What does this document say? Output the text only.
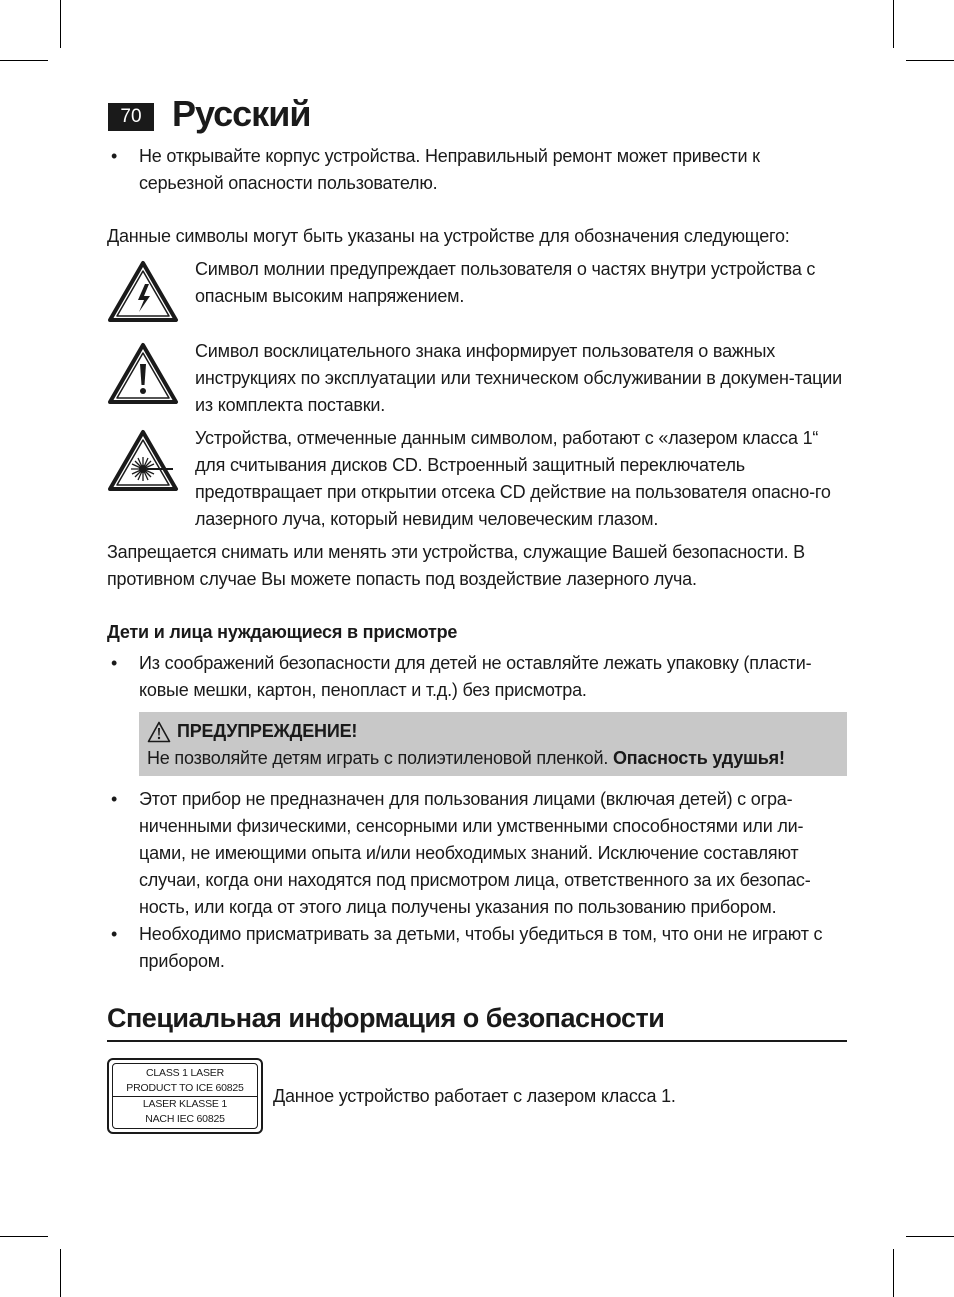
70 Русский
• Не открывайте корпус устройства. Неправильный ремонт может привести к серьезной опасности пользователю.

Данные символы могут быть указаны на устройстве для обозначения следующего:

Символ молнии предупреждает пользователя о частях внутри устройства с опасным высоким напряжением.

Символ восклицательного знака информирует пользователя о важных инструкциях по эксплуатации или техническом обслуживании в докумен-тации из комплекта поставки.

Устройства, отмеченные данным символом, работают с «лазером класса 1“ для считывания дисков CD. Встроенный защитный переключатель предотвращает при открытии отсека CD действие на пользователя опасно-го лазерного луча, который невидим человеческим глазом.

Запрещается снимать или менять эти устройства, служащие Вашей безопасности. В противном случае Вы можете попасть под воздействие лазерного луча.

Дети и лица нуждающиеся в присмотре

• Из соображений безопасности для детей не оставляйте лежать упаковку (пласти-ковые мешки, картон, пенопласт и т.д.) без присмотра.

ПРЕДУПРЕЖДЕНИЕ!

Не позволяйте детям играть с полиэтиленовой пленкой. Опасность удушья!

• Этот прибор не предназначен для пользования лицами (включая детей) с огра-ниченными физическими, сенсорными или умственными способностями или ли-цами, не имеющими опыта и/или необходимых знаний. Исключение составляют случаи, когда они находятся под присмотром лица, ответственного за их безопас-ность, или когда от этого лица получены указания по пользованию прибором.

• Необходимо присматривать за детьми, чтобы убедиться в том, что они не играют с прибором.

Специальная информация о безопасности
CLASS 1 LASER
PRODUCT TO ICE 60825
LASER KLASSE 1
NACH IEC 60825

Данное устройство работает с лазером класса 1.
